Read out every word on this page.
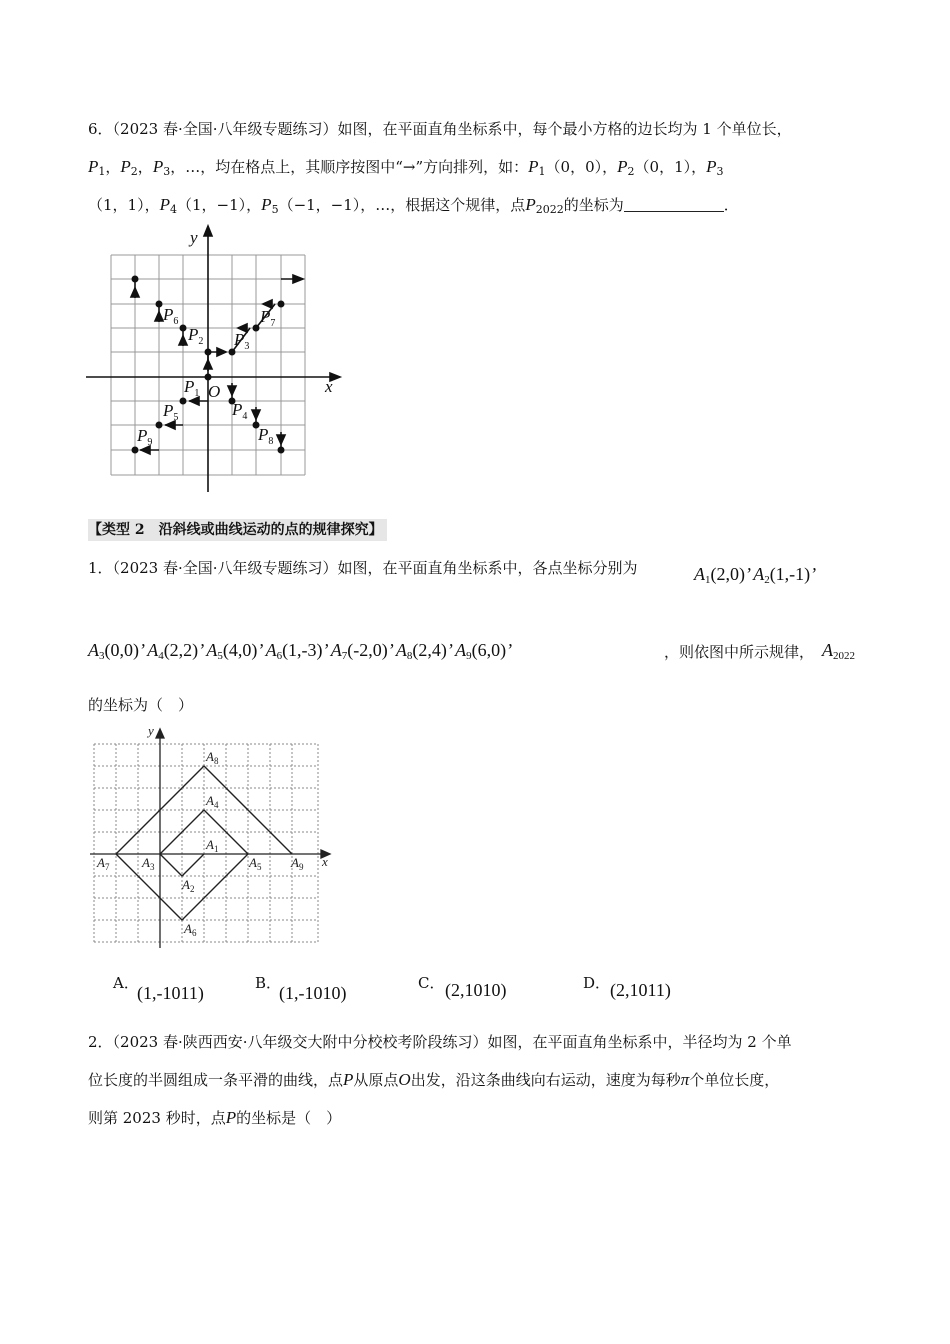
6．（2023 春·全国·八年级专题练习）如图，在平面直角坐标系中，每个最小方格的边长均为 1 个单位长，
$P_1$，$P_2$，$P_3$，…，均在格点上，其顺序按图中“→”方向排列，如：$P_1(0$，0），$P_2(0$，1），$P_3$
（1，1），$P_4(1$，−1），$P_5(-1$，−1），…，根据这个规律，点$P_{2022}$的坐标为	．
x
y
O
$P_1$
$P_2$ $P_3$
$P_4$
$P_5$
$P_6$	$P_7$
$P_8$
$P_9$
【类型 2　沿斜线或曲线运动的点的规律探究】
1．（2023 春·全国·八年级专题练习）如图，在平面直角坐标系中，各点坐标分别为	$A_1(2,0)$’ $A_2(1,-1)$’
$A_3(0,0)$’ $A_4(2,2)$’ $A_5(4,0)$’ $A_6(1,-3)$’ $A_7(-2,0)$’ $A_8(2,4)$’ $A_9(6,0)$’	，则依图中所示规律， $A_{2022}$
的坐标为（　）
x
y
$A_1$
$A_2$
$A_3$
$A_4$
$A_5$
$A_6$
$A_7$
$A_8$
$A_9$
A．
(1,-1011)	B．
(1,-1010)	C． (2,1010)	D． (2,1011)
2．（2023 春·陕西西安·八年级交大附中分校校考阶段练习）如图，在平面直角坐标系中，半径均为 2 个单
位长度的半圆组成一条平滑的曲线，点P从原点O出发，沿这条曲线向右运动，速度为每秒π个单位长度，
则第 2023 秒时，点P的坐标是（　）
